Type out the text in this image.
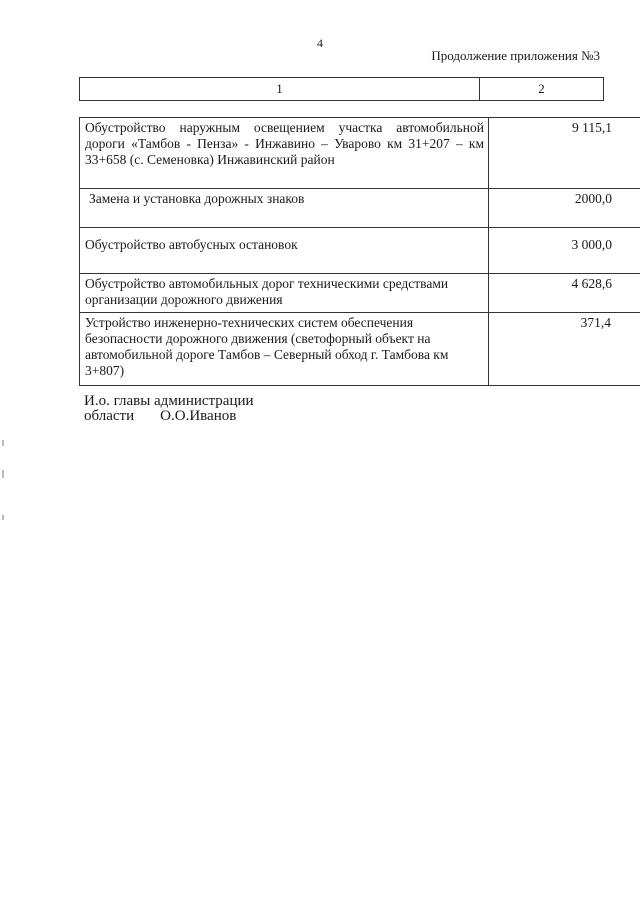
4
Продолжение приложения №3
1	2
Обустройство наружным освещением участка автомобильной дороги «Тамбов - Пенза» - Инжавино – Уварово км 31+207 – км 33+658 (с. Семеновка) Инжавинский район	9 115,1
Замена и установка дорожных знаков	2000,0
Обустройство автобусных остановок	3 000,0
Обустройство автомобильных дорог техническими средствами организации дорожного движения	4 628,6
Устройство инженерно-технических систем обеспечения безопасности дорожного движения (светофорный объект на автомобильной дороге Тамбов – Северный обход г. Тамбова км 3+807)	371,4
И.о. главы администрации
области О.О.Иванов
